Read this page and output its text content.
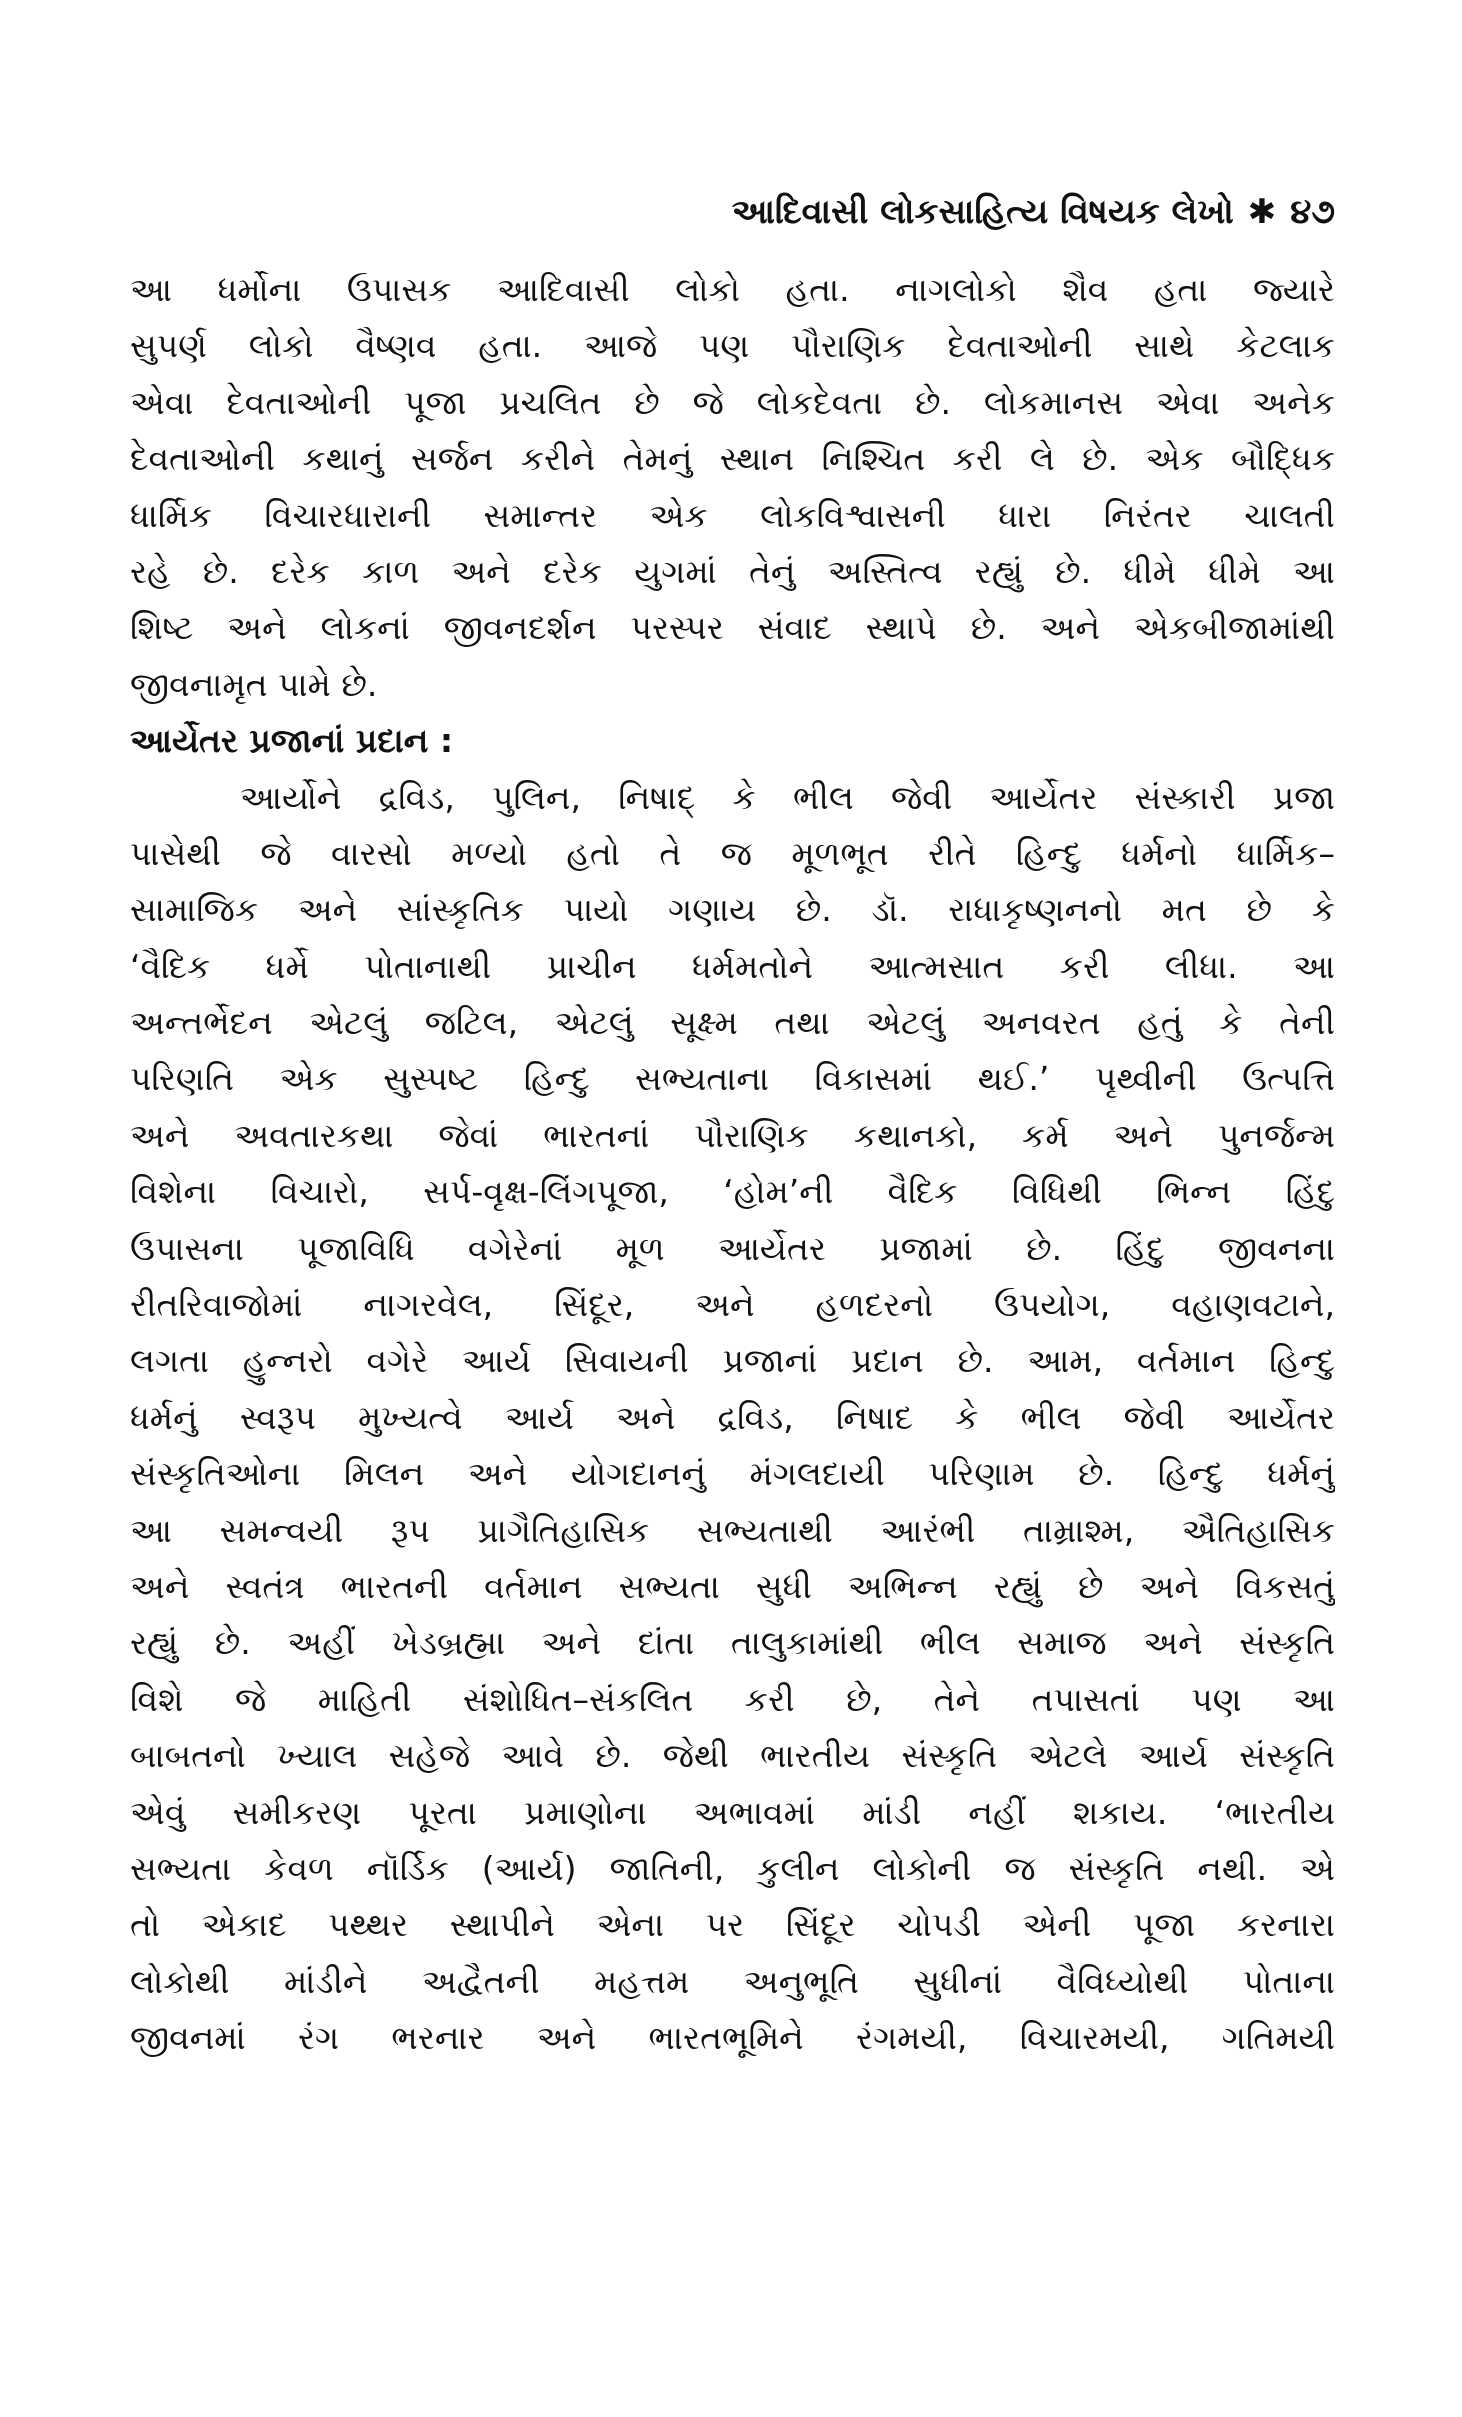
આદિવાસી લોકસાહિત્ય વિષયક લેખો ✱ ૪૭
આ ધર્મોના ઉપાસક આદિવાસી લોકો હતા. નાગલોકો શૈવ હતા જ્યારે
સુપર્ણ લોકો વૈષ્ણવ હતા. આજે પણ પૌરાણિક દેવતાઓની સાથે કેટલાક
એવા દેવતાઓની પૂજા પ્રચલિત છે જે લોકદેવતા છે. લોકમાનસ એવા અનેક
દેવતાઓની કથાનું સર્જન કરીને તેમનું સ્થાન નિશ્ચિત કરી લે છે. એક બૌદ્ધિક
ધાર્મિક વિચારધારાની સમાન્તર એક લોકવિશ્વાસની ધારા નિરંતર ચાલતી
રહે છે. દરેક કાળ અને દરેક યુગમાં તેનું અસ્તિત્વ રહ્યું છે. ધીમે ધીમે આ
શિષ્ટ અને લોકનાં જીવનદર્શન પરસ્પર સંવાદ સ્થાપે છે. અને એકબીજામાંથી
જીવનામૃત પામે છે.
આર્યેતર પ્રજાનાં પ્રદાન :
આર્યોને દ્રવિડ, પુલિન, નિષાદ્ કે ભીલ જેવી આર્યેતર સંસ્કારી પ્રજા
પાસેથી જે વારસો મળ્યો હતો તે જ મૂળભૂત રીતે હિન્દુ ધર્મનો ધાર્મિક–
સામાજિક અને સાંસ્કૃતિક પાયો ગણાય છે. ડૉ. રાધાકૃષ્ણનનો મત છે કે
‘વૈદિક ધર્મે પોતાનાથી પ્રાચીન ધર્મમતોને આત્મસાત કરી લીધા. આ
અન્તર્ભેદન એટલું જટિલ, એટલું સૂક્ષ્મ તથા એટલું અનવરત હતું કે તેની
પરિણતિ એક સુસ્પષ્ટ હિન્દુ સભ્યતાના વિકાસમાં થઈ.’ પૃથ્વીની ઉત્પત્તિ
અને અવતારકથા જેવાં ભારતનાં પૌરાણિક કથાનકો, કર્મ અને પુનર્જન્મ
વિશેના વિચારો, સર્પ-વૃક્ષ-લિંગપૂજા, ‘હોમ’ની વૈદિક વિધિથી ભિન્ન હિંદુ
ઉપાસના પૂજાવિધિ વગેરેનાં મૂળ આર્યેતર પ્રજામાં છે. હિંદુ જીવનના
રીતરિવાજોમાં નાગરવેલ, સિંદૂર, અને હળદરનો ઉપયોગ, વહાણવટાને,
લગતા હુન્નરો વગેરે આર્ય સિવાયની પ્રજાનાં પ્રદાન છે. આમ, વર્તમાન હિન્દુ
ધર્મનું સ્વરૂપ મુખ્યત્વે આર્ય અને દ્રવિડ, નિષાદ કે ભીલ જેવી આર્યેતર
સંસ્કૃતિઓના મિલન અને યોગદાનનું મંગલદાયી પરિણામ છે. હિન્દુ ધર્મનું
આ સમન્વયી રૂપ પ્રાગૈતિહાસિક સભ્યતાથી આરંભી તામ્રાશ્મ, ઐતિહાસિક
અને સ્વતંત્ર ભારતની વર્તમાન સભ્યતા સુધી અભિન્ન રહ્યું છે અને વિકસતું
રહ્યું છે. અહીં ખેડબ્રહ્મા અને દાંતા તાલુકામાંથી ભીલ સમાજ અને સંસ્કૃતિ
વિશે જે માહિતી સંશોધિત–સંકલિત કરી છે, તેને તપાસતાં પણ આ
બાબતનો ખ્યાલ સહેજે આવે છે. જેથી ભારતીય સંસ્કૃતિ એટલે આર્ય સંસ્કૃતિ
એવું સમીકરણ પૂરતા પ્રમાણોના અભાવમાં માંડી નહીં શકાય. ‘ભારતીય
સભ્યતા કેવળ નૉર્ડિક (આર્ય) જાતિની, કુલીન લોકોની જ સંસ્કૃતિ નથી. એ
તો એકાદ પથ્થર સ્થાપીને એના પર સિંદૂર ચોપડી એની પૂજા કરનારા
લોકોથી માંડીને અદ્વૈતની મહત્તમ અનુભૂતિ સુધીનાં વૈવિધ્યોથી પોતાના
જીવનમાં રંગ ભરનાર અને ભારતભૂમિને રંગમયી, વિચારમયી, ગતિમયી
